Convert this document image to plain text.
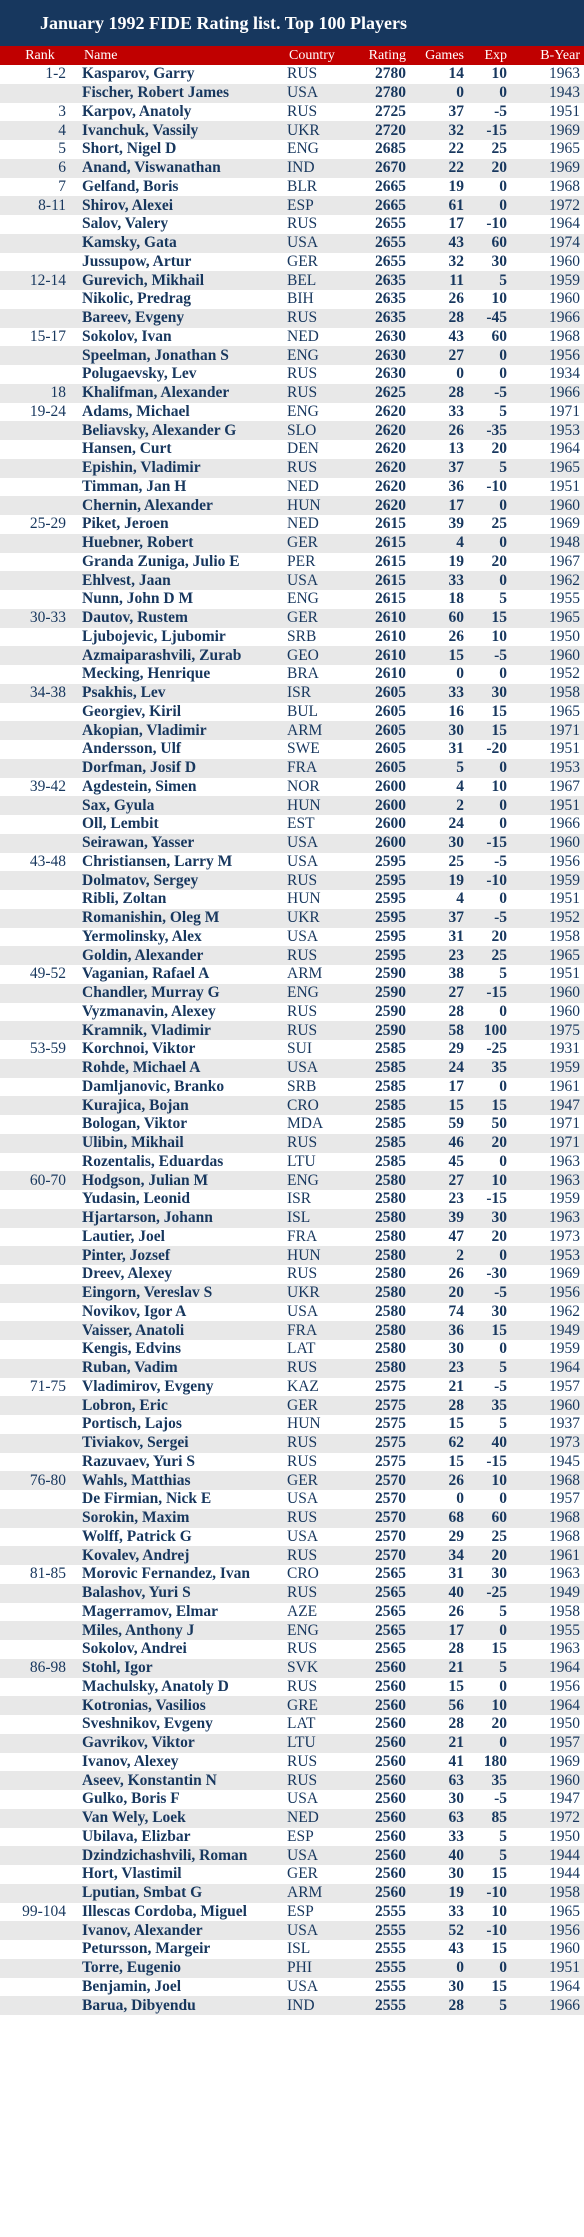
January 1992 FIDE Rating list. Top 100 Players
Rank	Name	Country	Rating	Games	Exp	B-Year
1-2	Kasparov, Garry	RUS	2780	14	10	1963
	Fischer, Robert James	USA	2780	0	0	1943
3	Karpov, Anatoly	RUS	2725	37	-5	1951
4	Ivanchuk, Vassily	UKR	2720	32	-15	1969
5	Short, Nigel D	ENG	2685	22	25	1965
6	Anand, Viswanathan	IND	2670	22	20	1969
7	Gelfand, Boris	BLR	2665	19	0	1968
8-11	Shirov, Alexei	ESP	2665	61	0	1972
	Salov, Valery	RUS	2655	17	-10	1964
	Kamsky, Gata	USA	2655	43	60	1974
	Jussupow, Artur	GER	2655	32	30	1960
12-14	Gurevich, Mikhail	BEL	2635	11	5	1959
	Nikolic, Predrag	BIH	2635	26	10	1960
	Bareev, Evgeny	RUS	2635	28	-45	1966
15-17	Sokolov, Ivan	NED	2630	43	60	1968
	Speelman, Jonathan S	ENG	2630	27	0	1956
	Polugaevsky, Lev	RUS	2630	0	0	1934
18	Khalifman, Alexander	RUS	2625	28	-5	1966
19-24	Adams, Michael	ENG	2620	33	5	1971
	Beliavsky, Alexander G	SLO	2620	26	-35	1953
	Hansen, Curt	DEN	2620	13	20	1964
	Epishin, Vladimir	RUS	2620	37	5	1965
	Timman, Jan H	NED	2620	36	-10	1951
	Chernin, Alexander	HUN	2620	17	0	1960
25-29	Piket, Jeroen	NED	2615	39	25	1969
	Huebner, Robert	GER	2615	4	0	1948
	Granda Zuniga, Julio E	PER	2615	19	20	1967
	Ehlvest, Jaan	USA	2615	33	0	1962
	Nunn, John D M	ENG	2615	18	5	1955
30-33	Dautov, Rustem	GER	2610	60	15	1965
	Ljubojevic, Ljubomir	SRB	2610	26	10	1950
	Azmaiparashvili, Zurab	GEO	2610	15	-5	1960
	Mecking, Henrique	BRA	2610	0	0	1952
34-38	Psakhis, Lev	ISR	2605	33	30	1958
	Georgiev, Kiril	BUL	2605	16	15	1965
	Akopian, Vladimir	ARM	2605	30	15	1971
	Andersson, Ulf	SWE	2605	31	-20	1951
	Dorfman, Josif D	FRA	2605	5	0	1953
39-42	Agdestein, Simen	NOR	2600	4	10	1967
	Sax, Gyula	HUN	2600	2	0	1951
	Oll, Lembit	EST	2600	24	0	1966
	Seirawan, Yasser	USA	2600	30	-15	1960
43-48	Christiansen, Larry M	USA	2595	25	-5	1956
	Dolmatov, Sergey	RUS	2595	19	-10	1959
	Ribli, Zoltan	HUN	2595	4	0	1951
	Romanishin, Oleg M	UKR	2595	37	-5	1952
	Yermolinsky, Alex	USA	2595	31	20	1958
	Goldin, Alexander	RUS	2595	23	25	1965
49-52	Vaganian, Rafael A	ARM	2590	38	5	1951
	Chandler, Murray G	ENG	2590	27	-15	1960
	Vyzmanavin, Alexey	RUS	2590	28	0	1960
	Kramnik, Vladimir	RUS	2590	58	100	1975
53-59	Korchnoi, Viktor	SUI	2585	29	-25	1931
	Rohde, Michael A	USA	2585	24	35	1959
	Damljanovic, Branko	SRB	2585	17	0	1961
	Kurajica, Bojan	CRO	2585	15	15	1947
	Bologan, Viktor	MDA	2585	59	50	1971
	Ulibin, Mikhail	RUS	2585	46	20	1971
	Rozentalis, Eduardas	LTU	2585	45	0	1963
60-70	Hodgson, Julian M	ENG	2580	27	10	1963
	Yudasin, Leonid	ISR	2580	23	-15	1959
	Hjartarson, Johann	ISL	2580	39	30	1963
	Lautier, Joel	FRA	2580	47	20	1973
	Pinter, Jozsef	HUN	2580	2	0	1953
	Dreev, Alexey	RUS	2580	26	-30	1969
	Eingorn, Vereslav S	UKR	2580	20	-5	1956
	Novikov, Igor A	USA	2580	74	30	1962
	Vaisser, Anatoli	FRA	2580	36	15	1949
	Kengis, Edvins	LAT	2580	30	0	1959
	Ruban, Vadim	RUS	2580	23	5	1964
71-75	Vladimirov, Evgeny	KAZ	2575	21	-5	1957
	Lobron, Eric	GER	2575	28	35	1960
	Portisch, Lajos	HUN	2575	15	5	1937
	Tiviakov, Sergei	RUS	2575	62	40	1973
	Razuvaev, Yuri S	RUS	2575	15	-15	1945
76-80	Wahls, Matthias	GER	2570	26	10	1968
	De Firmian, Nick E	USA	2570	0	0	1957
	Sorokin, Maxim	RUS	2570	68	60	1968
	Wolff, Patrick G	USA	2570	29	25	1968
	Kovalev, Andrej	RUS	2570	34	20	1961
81-85	Morovic Fernandez, Ivan	CRO	2565	31	30	1963
	Balashov, Yuri S	RUS	2565	40	-25	1949
	Magerramov, Elmar	AZE	2565	26	5	1958
	Miles, Anthony J	ENG	2565	17	0	1955
	Sokolov, Andrei	RUS	2565	28	15	1963
86-98	Stohl, Igor	SVK	2560	21	5	1964
	Machulsky, Anatoly D	RUS	2560	15	0	1956
	Kotronias, Vasilios	GRE	2560	56	10	1964
	Sveshnikov, Evgeny	LAT	2560	28	20	1950
	Gavrikov, Viktor	LTU	2560	21	0	1957
	Ivanov, Alexey	RUS	2560	41	180	1969
	Aseev, Konstantin N	RUS	2560	63	35	1960
	Gulko, Boris F	USA	2560	30	-5	1947
	Van Wely, Loek	NED	2560	63	85	1972
	Ubilava, Elizbar	ESP	2560	33	5	1950
	Dzindzichashvili, Roman	USA	2560	40	5	1944
	Hort, Vlastimil	GER	2560	30	15	1944
	Lputian, Smbat G	ARM	2560	19	-10	1958
99-104	Illescas Cordoba, Miguel	ESP	2555	33	10	1965
	Ivanov, Alexander	USA	2555	52	-10	1956
	Petursson, Margeir	ISL	2555	43	15	1960
	Torre, Eugenio	PHI	2555	0	0	1951
	Benjamin, Joel	USA	2555	30	15	1964
	Barua, Dibyendu	IND	2555	28	5	1966
